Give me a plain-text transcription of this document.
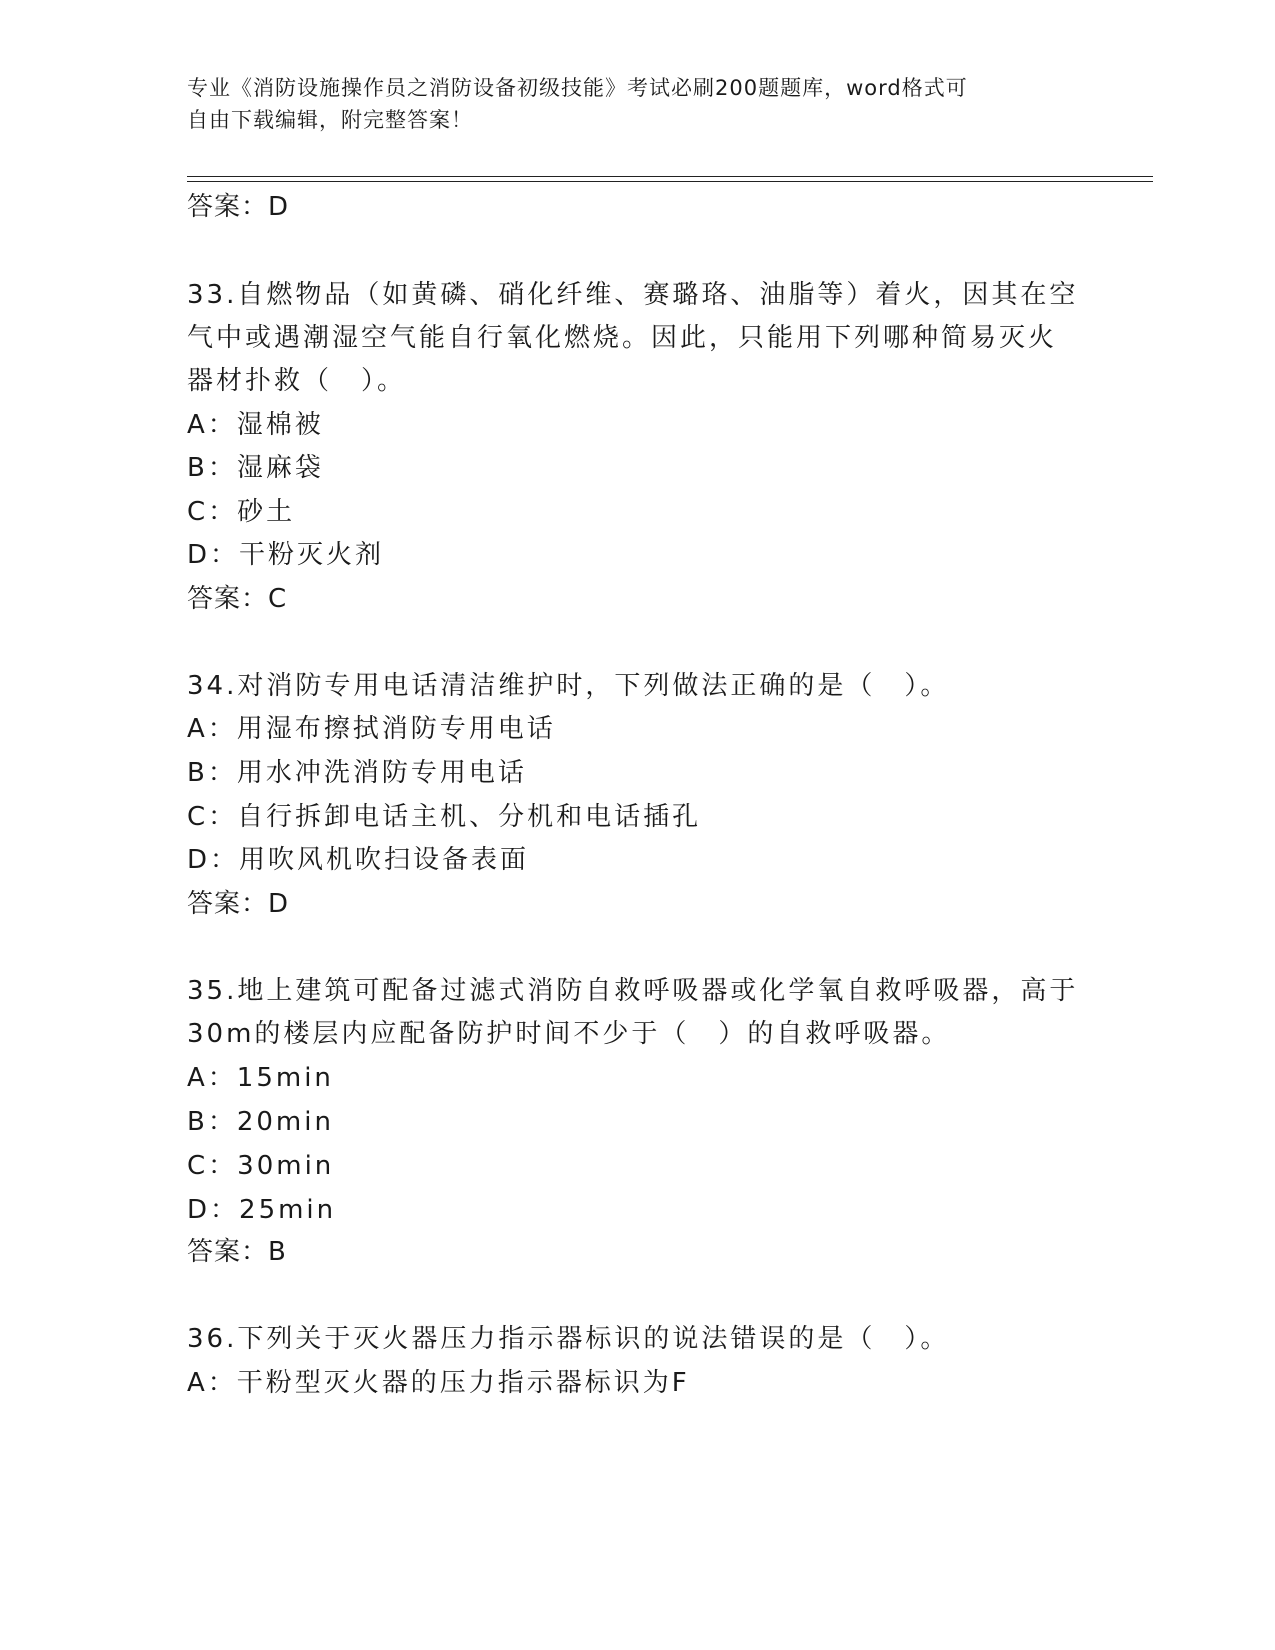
专业《消防设施操作员之消防设备初级技能》考试必刷200题题库，word格式可
自由下载编辑，附完整答案！
答案：D
33.自燃物品（如黄磷、硝化纤维、赛璐珞、油脂等）着火，因其在空
气中或遇潮湿空气能自行氧化燃烧。因此，只能用下列哪种简易灭火
器材扑救（　）。
A：湿棉被
B：湿麻袋
C：砂土
D：干粉灭火剂
答案：C
34.对消防专用电话清洁维护时，下列做法正确的是（　）。
A：用湿布擦拭消防专用电话
B：用水冲洗消防专用电话
C：自行拆卸电话主机、分机和电话插孔
D：用吹风机吹扫设备表面
答案：D
35.地上建筑可配备过滤式消防自救呼吸器或化学氧自救呼吸器，高于
30m的楼层内应配备防护时间不少于（　）的自救呼吸器。
A：15min
B：20min
C：30min
D：25min
答案：B
36.下列关于灭火器压力指示器标识的说法错误的是（　）。
A：干粉型灭火器的压力指示器标识为F
